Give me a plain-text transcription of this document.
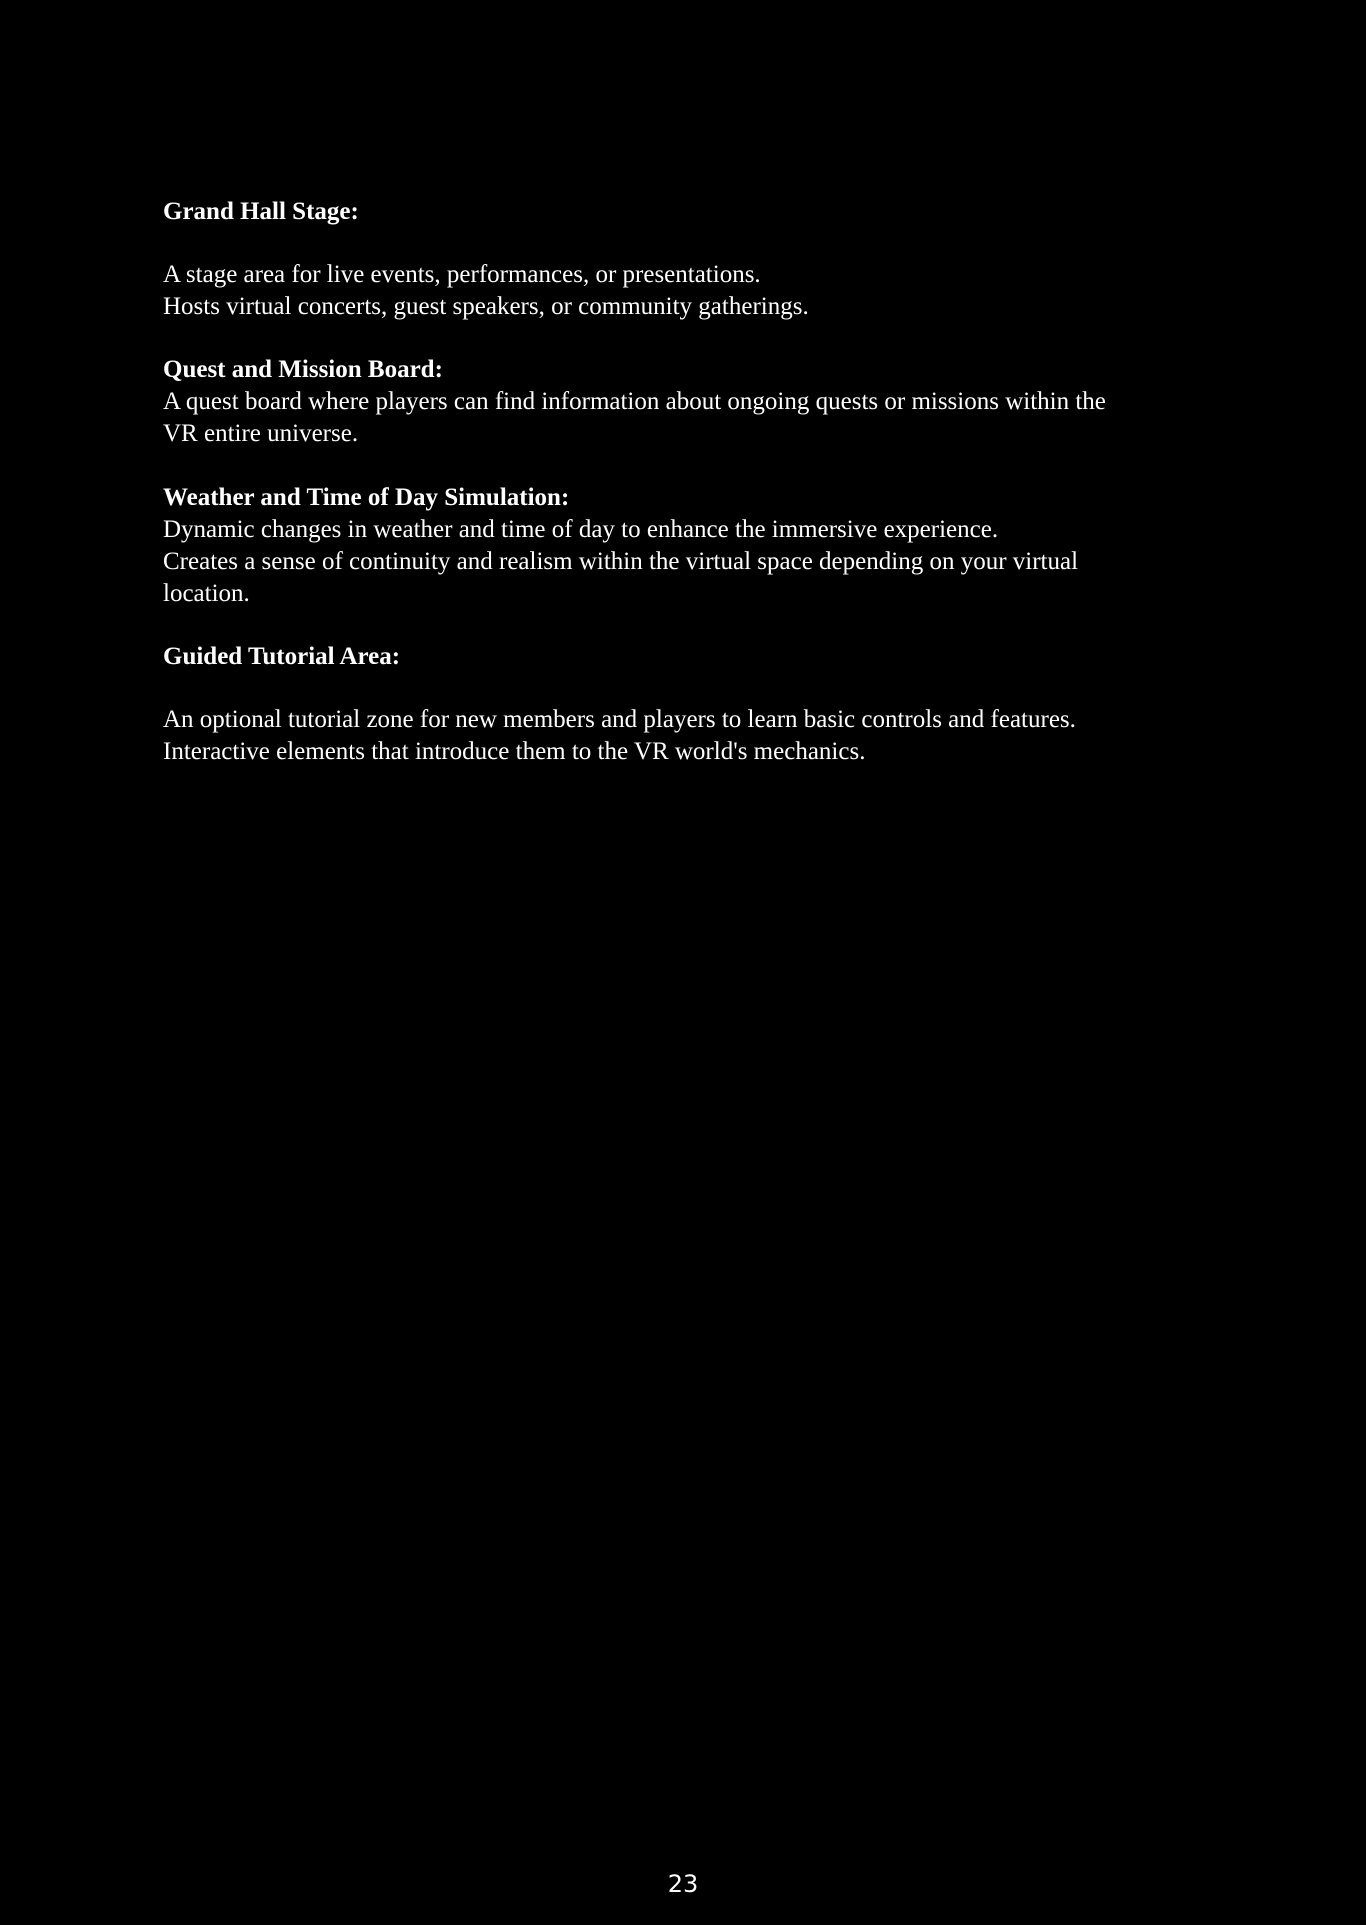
Grand Hall Stage:
A stage area for live events, performances, or presentations.
Hosts virtual concerts, guest speakers, or community gatherings.
Quest and Mission Board:
A quest board where players can find information about ongoing quests or missions within the
VR entire universe.
Weather and Time of Day Simulation:
Dynamic changes in weather and time of day to enhance the immersive experience.
Creates a sense of continuity and realism within the virtual space depending on your virtual
location.
Guided Tutorial Area:
An optional tutorial zone for new members and players to learn basic controls and features.
Interactive elements that introduce them to the VR world's mechanics.
23
